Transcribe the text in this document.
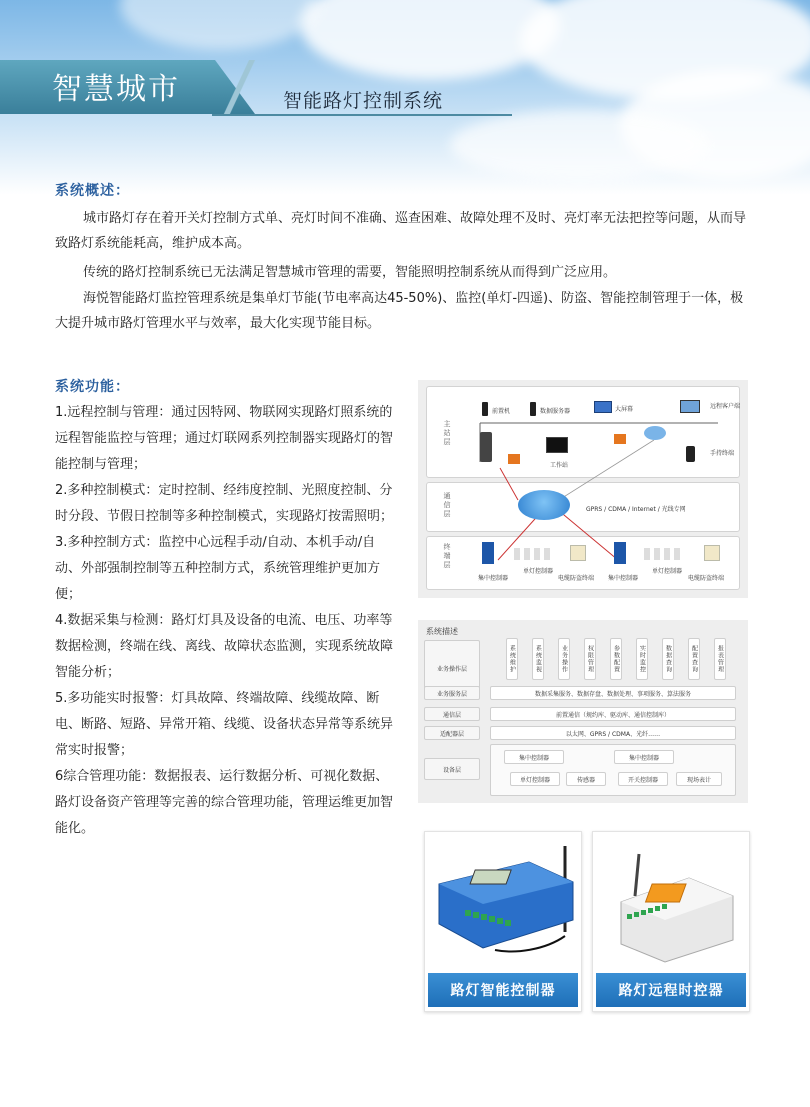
智慧城市	智能路灯控制系统
系统概述：
城市路灯存在着开关灯控制方式单、亮灯时间不准确、巡查困难、故障处理不及时、亮灯率无法把控等问题，从而导致路灯系统能耗高，维护成本高。
传统的路灯控制系统已无法满足智慧城市管理的需要，智能照明控制系统从而得到广泛应用。
海悦智能路灯监控管理系统是集单灯节能(节电率高达45-50%)、监控(单灯-四遥)、防盗、智能控制管理于一体，极大提升城市路灯管理水平与效率，最大化实现节能目标。
系统功能：
1.远程控制与管理：通过因特网、物联网实现路灯照系统的远程智能监控与管理；通过灯联网系列控制器实现路灯的智能控制与管理；
2.多种控制模式：定时控制、经纬度控制、光照度控制、分时分段、节假日控制等多种控制模式，实现路灯按需照明；
3.多种控制方式：监控中心远程手动/自动、本机手动/自动、外部强制控制等五种控制方式，系统管理维护更加方便；
4.数据采集与检测：路灯灯具及设备的电流、电压、功率等数据检测，终端在线、离线、故障状态监测，实现系统故障智能分析；
5.多功能实时报警：灯具故障、终端故障、线缆故障、断电、断路、短路、异常开箱、线缆、设备状态异常等系统异常实时报警；
6综合管理功能：数据报表、运行数据分析、可视化数据、路灯设备资产管理等完善的综合管理功能，管理运维更加智能化。
主站层
通信层
终端层
前置机	数据服务器	大屏幕	远程客户端
工作站
手持终端
GPRS / CDMA / Internet / 光线专网
集中控制器
单灯控制器
电缆防盗终端 集中控制器
单灯控制器
电缆防盗终端
系统描述
业务操作层	系统维护	系统监视	业务操作	权限管理	参数配置	实时监控	数据查询	配置查询	报表管理
业务服务层	数据采集服务、数据存盘、数据处理、事项服务、算法服务
通信层	前置通信（规约库、驱动库、通信控制库）
适配器层	以太网、GPRS / CDMA、光纤……
设备层
集中控制器	集中控制器
单灯控制器	传感器	开关控制器	现场表计
路灯智能控制器	路灯远程时控器
